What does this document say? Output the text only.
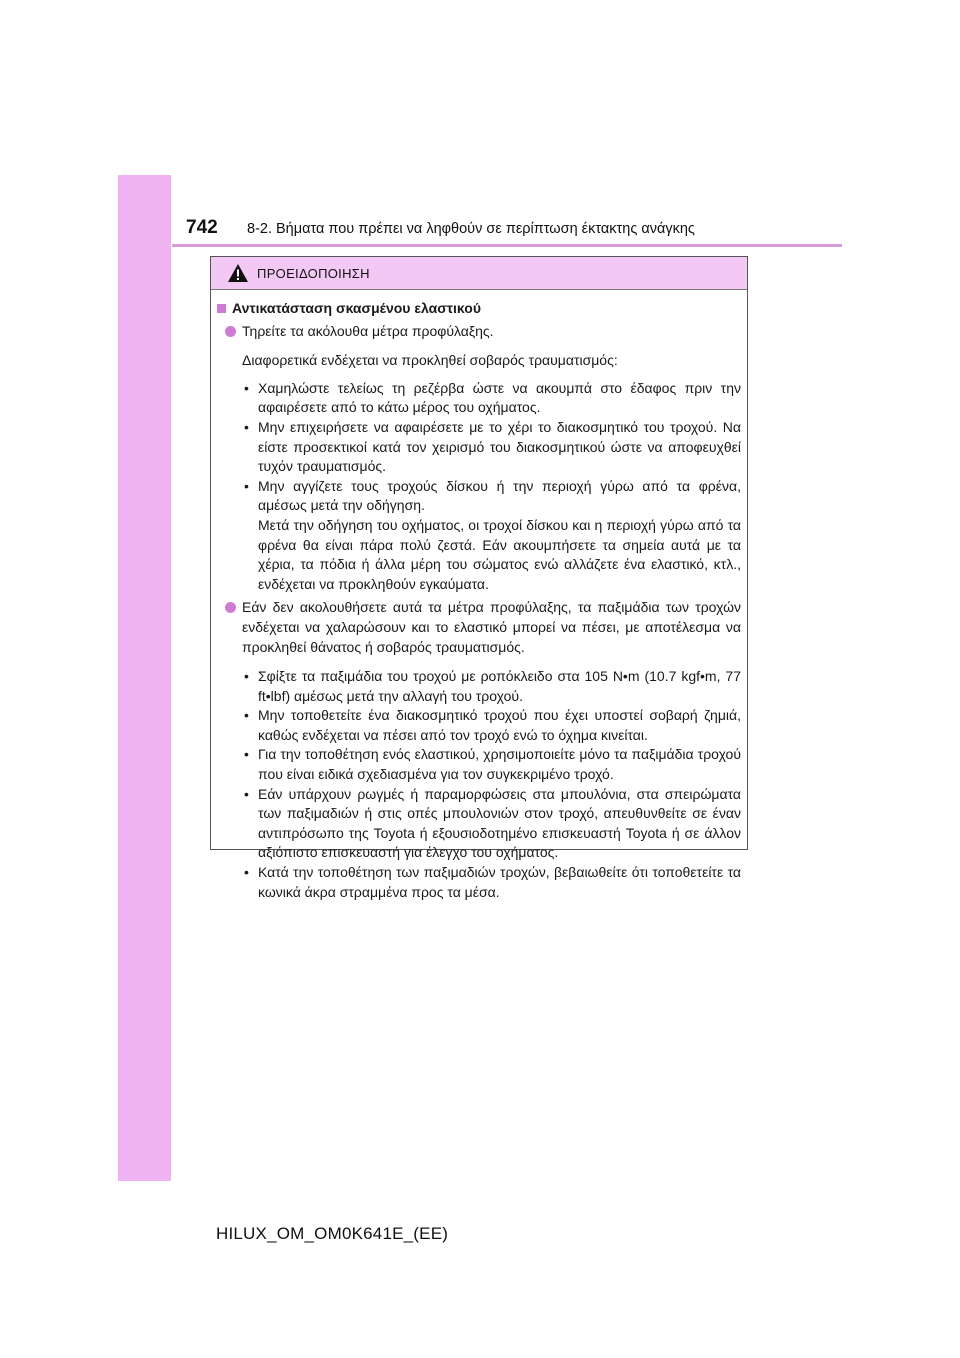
742 8-2. Βήματα που πρέπει να ληφθούν σε περίπτωση έκτακτης ανάγκης
ΠΡΟΕΙΔΟΠΟΙΗΣΗ
Αντικατάσταση σκασμένου ελαστικού
Τηρείτε τα ακόλουθα μέτρα προφύλαξης.
Διαφορετικά ενδέχεται να προκληθεί σοβαρός τραυματισμός:
• Χαμηλώστε τελείως τη ρεζέρβα ώστε να ακουμπά στο έδαφος πριν την αφαιρέσετε από το κάτω μέρος του οχήματος.
• Μην επιχειρήσετε να αφαιρέσετε με το χέρι το διακοσμητικό του τροχού. Να είστε προσεκτικοί κατά τον χειρισμό του διακοσμητικού ώστε να αποφευχθεί τυχόν τραυματισμός.
• Μην αγγίζετε τους τροχούς δίσκου ή την περιοχή γύρω από τα φρένα, αμέσως μετά την οδήγηση.
Μετά την οδήγηση του οχήματος, οι τροχοί δίσκου και η περιοχή γύρω από τα φρένα θα είναι πάρα πολύ ζεστά. Εάν ακουμπήσετε τα σημεία αυτά με τα χέρια, τα πόδια ή άλλα μέρη του σώματος ενώ αλλάζετε ένα ελαστικό, κτλ., ενδέχεται να προκληθούν εγκαύματα.
Εάν δεν ακολουθήσετε αυτά τα μέτρα προφύλαξης, τα παξιμάδια των τροχών ενδέχεται να χαλαρώσουν και το ελαστικό μπορεί να πέσει, με αποτέλεσμα να προκληθεί θάνατος ή σοβαρός τραυματισμός.
• Σφίξτε τα παξιμάδια του τροχού με ροπόκλειδο στα 105 N•m (10.7 kgf•m, 77 ft•lbf) αμέσως μετά την αλλαγή του τροχού.
• Μην τοποθετείτε ένα διακοσμητικό τροχού που έχει υποστεί σοβαρή ζημιά, καθώς ενδέχεται να πέσει από τον τροχό ενώ το όχημα κινείται.
• Για την τοποθέτηση ενός ελαστικού, χρησιμοποιείτε μόνο τα παξιμάδια τροχού που είναι ειδικά σχεδιασμένα για τον συγκεκριμένο τροχό.
• Εάν υπάρχουν ρωγμές ή παραμορφώσεις στα μπουλόνια, στα σπειρώματα των παξιμαδιών ή στις οπές μπουλονιών στον τροχό, απευθυνθείτε σε έναν αντιπρόσωπο της Toyota ή εξουσιοδοτημένο επισκευαστή Toyota ή σε άλλον αξιόπιστο επισκευαστή για έλεγχο του οχήματος.
• Κατά την τοποθέτηση των παξιμαδιών τροχών, βεβαιωθείτε ότι τοποθετείτε τα κωνικά άκρα στραμμένα προς τα μέσα.
HILUX_OM_OM0K641E_(EE)
